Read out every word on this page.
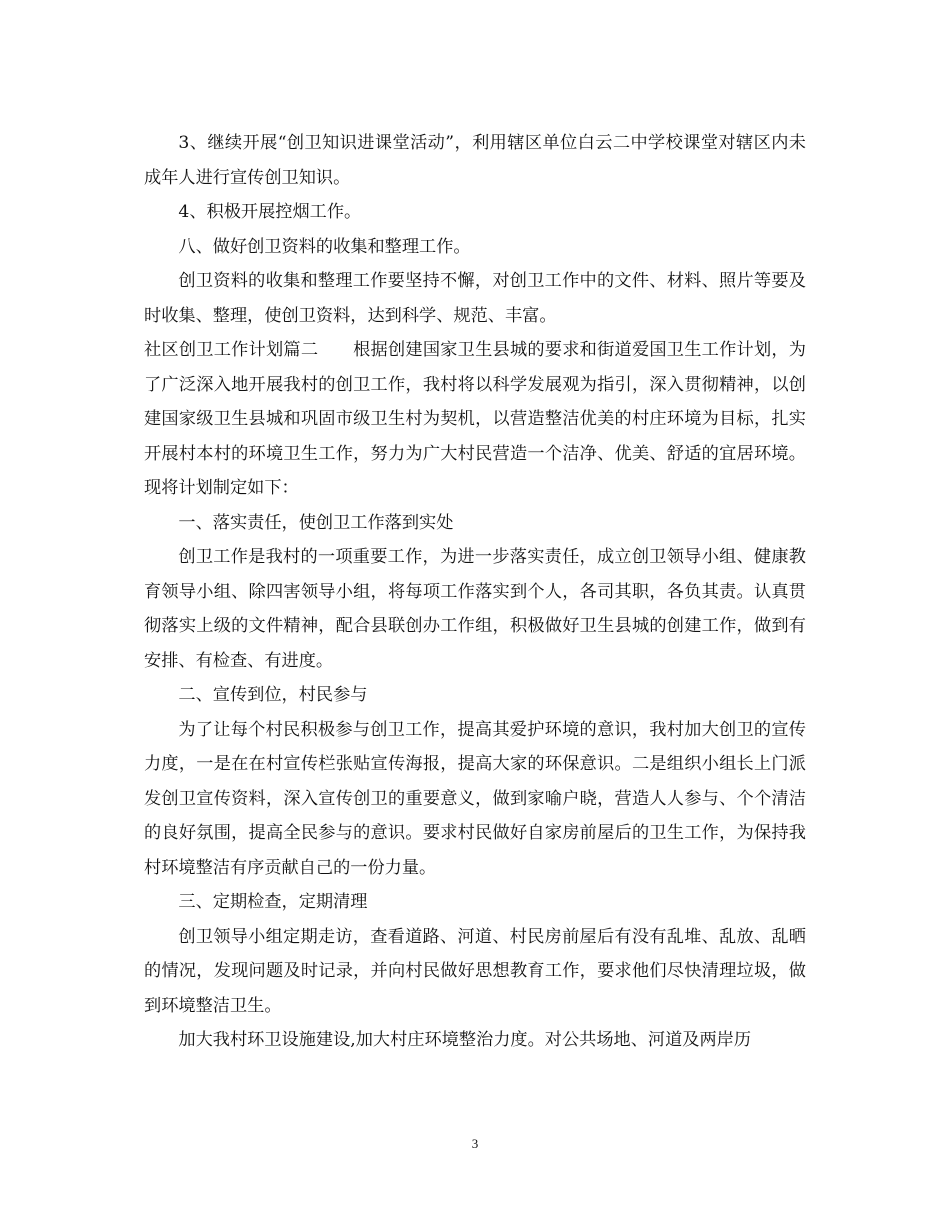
3、继续开展“创卫知识进课堂活动”，利用辖区单位白云二中学校课堂对辖区内未成年人进行宣传创卫知识。

4、积极开展控烟工作。

八、做好创卫资料的收集和整理工作。

创卫资料的收集和整理工作要坚持不懈，对创卫工作中的文件、材料、照片等要及时收集、整理，使创卫资料，达到科学、规范、丰富。

社区创卫工作计划篇二　　根据创建国家卫生县城的要求和街道爱国卫生工作计划，为了广泛深入地开展我村的创卫工作，我村将以科学发展观为指引，深入贯彻精神，以创建国家级卫生县城和巩固市级卫生村为契机，以营造整洁优美的村庄环境为目标，扎实开展村本村的环境卫生工作，努力为广大村民营造一个洁净、优美、舒适的宜居环境。现将计划制定如下：

一、落实责任，使创卫工作落到实处

创卫工作是我村的一项重要工作，为进一步落实责任，成立创卫领导小组、健康教育领导小组、除四害领导小组，将每项工作落实到个人，各司其职，各负其责。认真贯彻落实上级的文件精神，配合县联创办工作组，积极做好卫生县城的创建工作，做到有安排、有检查、有进度。

二、宣传到位，村民参与

为了让每个村民积极参与创卫工作，提高其爱护环境的意识，我村加大创卫的宣传力度，一是在在村宣传栏张贴宣传海报，提高大家的环保意识。二是组织小组长上门派发创卫宣传资料，深入宣传创卫的重要意义，做到家喻户晓，营造人人参与、个个清洁的良好氛围，提高全民参与的意识。要求村民做好自家房前屋后的卫生工作，为保持我村环境整洁有序贡献自己的一份力量。

三、定期检查，定期清理

创卫领导小组定期走访，查看道路、河道、村民房前屋后有没有乱堆、乱放、乱晒的情况，发现问题及时记录，并向村民做好思想教育工作，要求他们尽快清理垃圾，做到环境整洁卫生。

加大我村环卫设施建设,加大村庄环境整治力度。对公共场地、河道及两岸历

3
